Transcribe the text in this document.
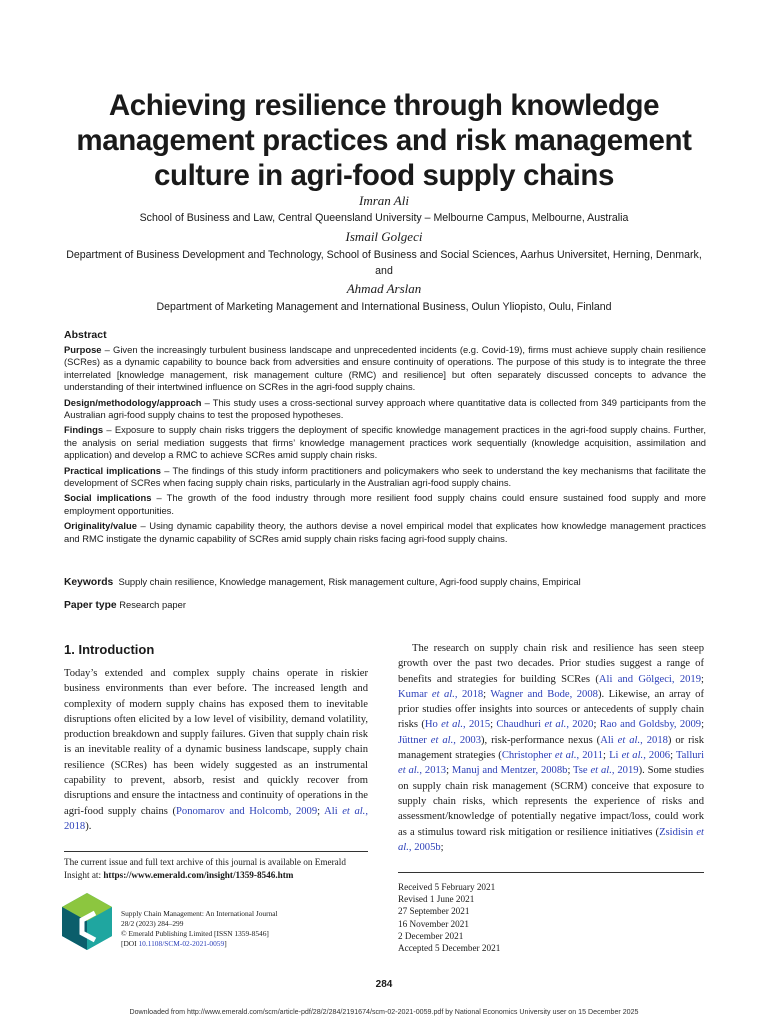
Achieving resilience through knowledge management practices and risk management culture in agri-food supply chains
Imran Ali
School of Business and Law, Central Queensland University – Melbourne Campus, Melbourne, Australia
Ismail Golgeci
Department of Business Development and Technology, School of Business and Social Sciences, Aarhus Universitet, Herning, Denmark, and
Ahmad Arslan
Department of Marketing Management and International Business, Oulun Yliopisto, Oulu, Finland
Abstract

Purpose – Given the increasingly turbulent business landscape and unprecedented incidents (e.g. Covid-19), firms must achieve supply chain resilience (SCRes) as a dynamic capability to bounce back from adversities and ensure continuity of operations. The purpose of this study is to integrate the three interrelated [knowledge management, risk management culture (RMC) and resilience] but often separately discussed concepts to advance the understanding of their intertwined influence on SCRes in the agri-food supply chains.

Design/methodology/approach – This study uses a cross-sectional survey approach where quantitative data is collected from 349 participants from the Australian agri-food supply chains to test the proposed hypotheses.

Findings – Exposure to supply chain risks triggers the deployment of specific knowledge management practices in the agri-food supply chains. Further, the analysis on serial mediation suggests that firms’ knowledge management practices work sequentially (knowledge acquisition, assimilation and application) and develop a RMC to achieve SCRes amid supply chain risks.

Practical implications – The findings of this study inform practitioners and policymakers who seek to understand the key mechanisms that facilitate the development of SCRes when facing supply chain risks, particularly in the Australian agri-food supply chains.

Social implications – The growth of the food industry through more resilient food supply chains could ensure sustained food supply and more employment opportunities.

Originality/value – Using dynamic capability theory, the authors devise a novel empirical model that explicates how knowledge management practices and RMC instigate the dynamic capability of SCRes amid supply chain risks facing agri-food supply chains.

Keywords Supply chain resilience, Knowledge management, Risk management culture, Agri-food supply chains, Empirical
Paper type Research paper
1. Introduction
Today’s extended and complex supply chains operate in riskier business environments than ever before. The increased length and complexity of modern supply chains has exposed them to inevitable disruptions often elicited by a low level of visibility, demand volatility, production breakdown and supply failures. Given that supply chain risk is an inevitable reality of a dynamic business landscape, supply chain resilience (SCRes) has been widely suggested as an instrumental capability to prevent, absorb, resist and quickly recover from disruptions and ensure the intactness and continuity of operations in the agri-food supply chains (Ponomarov and Holcomb, 2009; Ali et al., 2018).
The research on supply chain risk and resilience has seen steep growth over the past two decades. Prior studies suggest a range of benefits and strategies for building SCRes (Ali and Gölgeci, 2019; Kumar et al., 2018; Wagner and Bode, 2008). Likewise, an array of prior studies offer insights into sources or antecedents of supply chain risks (Ho et al., 2015; Chaudhuri et al., 2020; Rao and Goldsby, 2009; Jüttner et al., 2003), risk-performance nexus (Ali et al., 2018) or risk management strategies (Christopher et al., 2011; Li et al., 2006; Talluri et al., 2013; Manuj and Mentzer, 2008b; Tse et al., 2019). Some studies on supply chain risk management (SCRM) conceive that exposure to supply chain risks, which represents the experience of risks and assessment/knowledge of potentially negative impact/loss, could work as a stimulus toward risk mitigation or resilience initiatives (Zsidisin et al., 2005b;
The current issue and full text archive of this journal is available on Emerald Insight at: https://www.emerald.com/insight/1359-8546.htm
Supply Chain Management: An International Journal
28/2 (2023) 284–299
© Emerald Publishing Limited [ISSN 1359-8546]
[DOI 10.1108/SCM-02-2021-0059]
Received 5 February 2021
Revised 1 June 2021
27 September 2021
16 November 2021
2 December 2021
Accepted 5 December 2021
284
Downloaded from http://www.emerald.com/scm/article-pdf/28/2/284/2191674/scm-02-2021-0059.pdf by National Economics University user on 15 December 2025
